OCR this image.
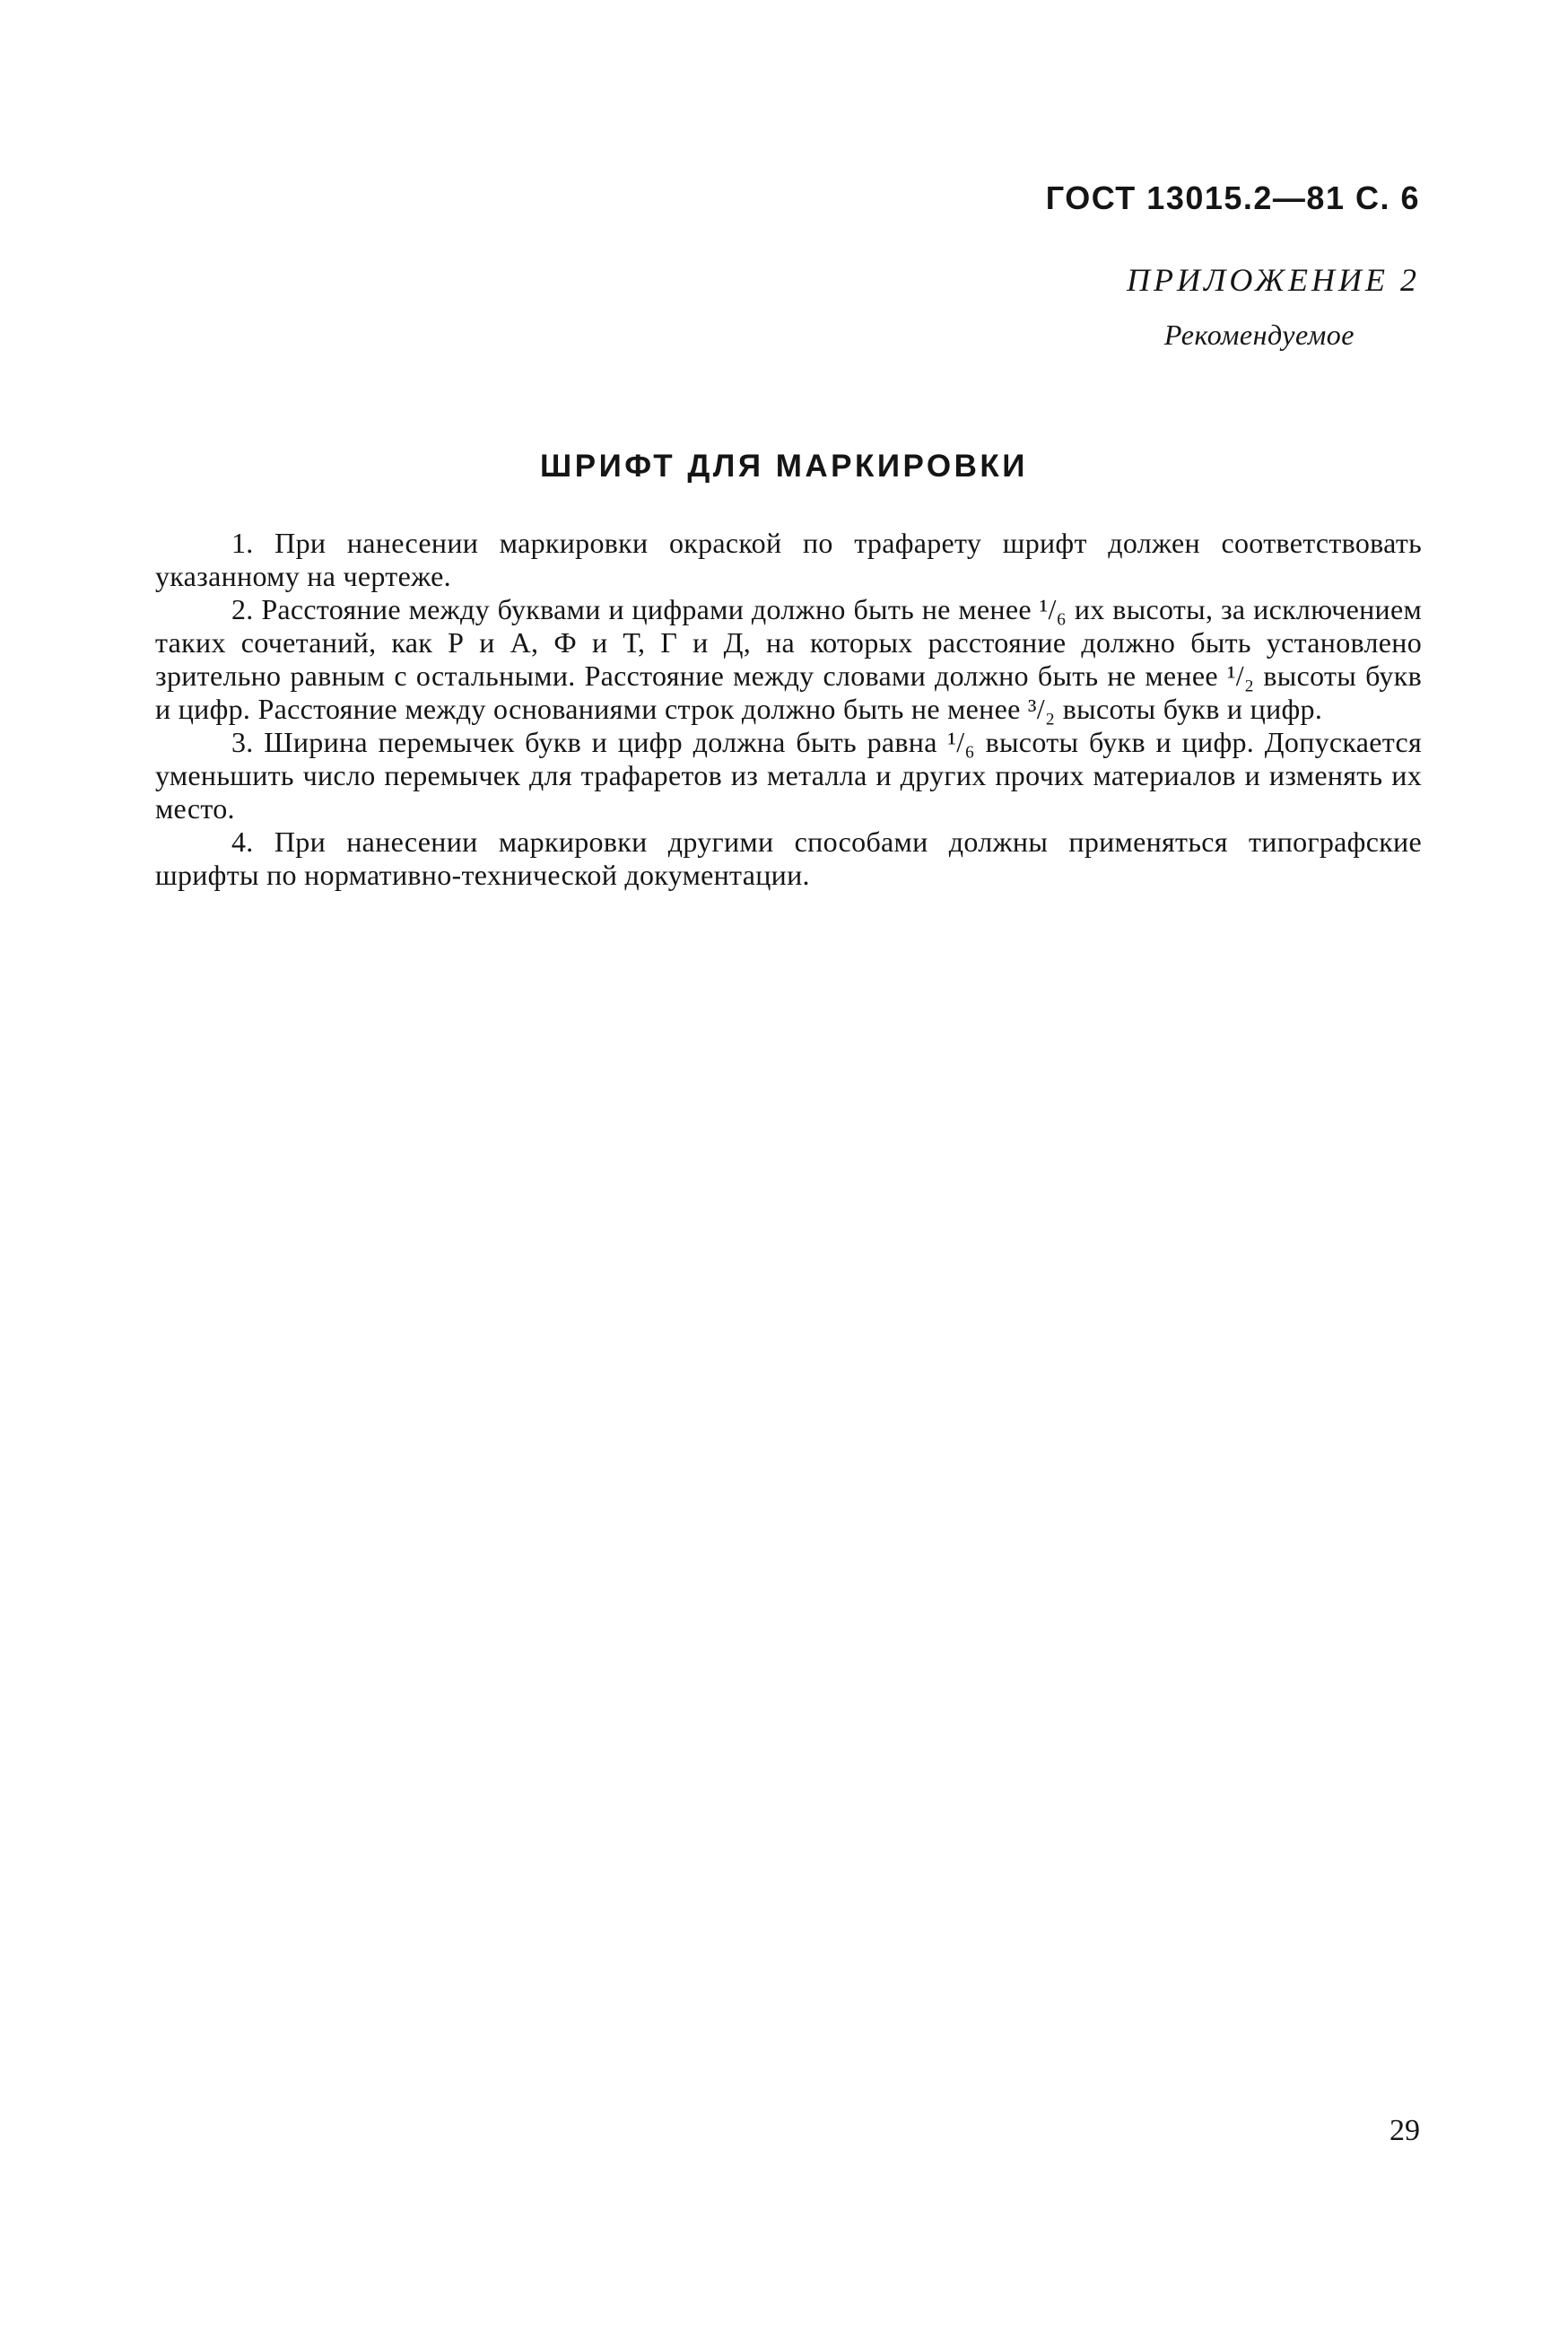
ГОСТ 13015.2—81 С. 6
ПРИЛОЖЕНИЕ 2
Рекомендуемое
ШРИФТ ДЛЯ МАРКИРОВКИ

1. При нанесении маркировки окраской по трафарету шрифт должен соответствовать указанному на чертеже.

2. Расстояние между буквами и цифрами должно быть не менее ¹/₆ их высоты, за исключением таких сочетаний, как Р и А, Ф и Т, Г и Д, на которых расстояние должно быть установлено зрительно равным с остальными. Расстояние между словами должно быть не менее ¹/₂ высоты букв и цифр. Расстояние между основаниями строк должно быть не менее ³/₂ высоты букв и цифр.

3. Ширина перемычек букв и цифр должна быть равна ¹/₆ высоты букв и цифр. Допускается уменьшить число перемычек для трафаретов из металла и других прочих материалов и изменять их место.

4. При нанесении маркировки другими способами должны применяться типографские шрифты по нормативно-технической документации.

29
